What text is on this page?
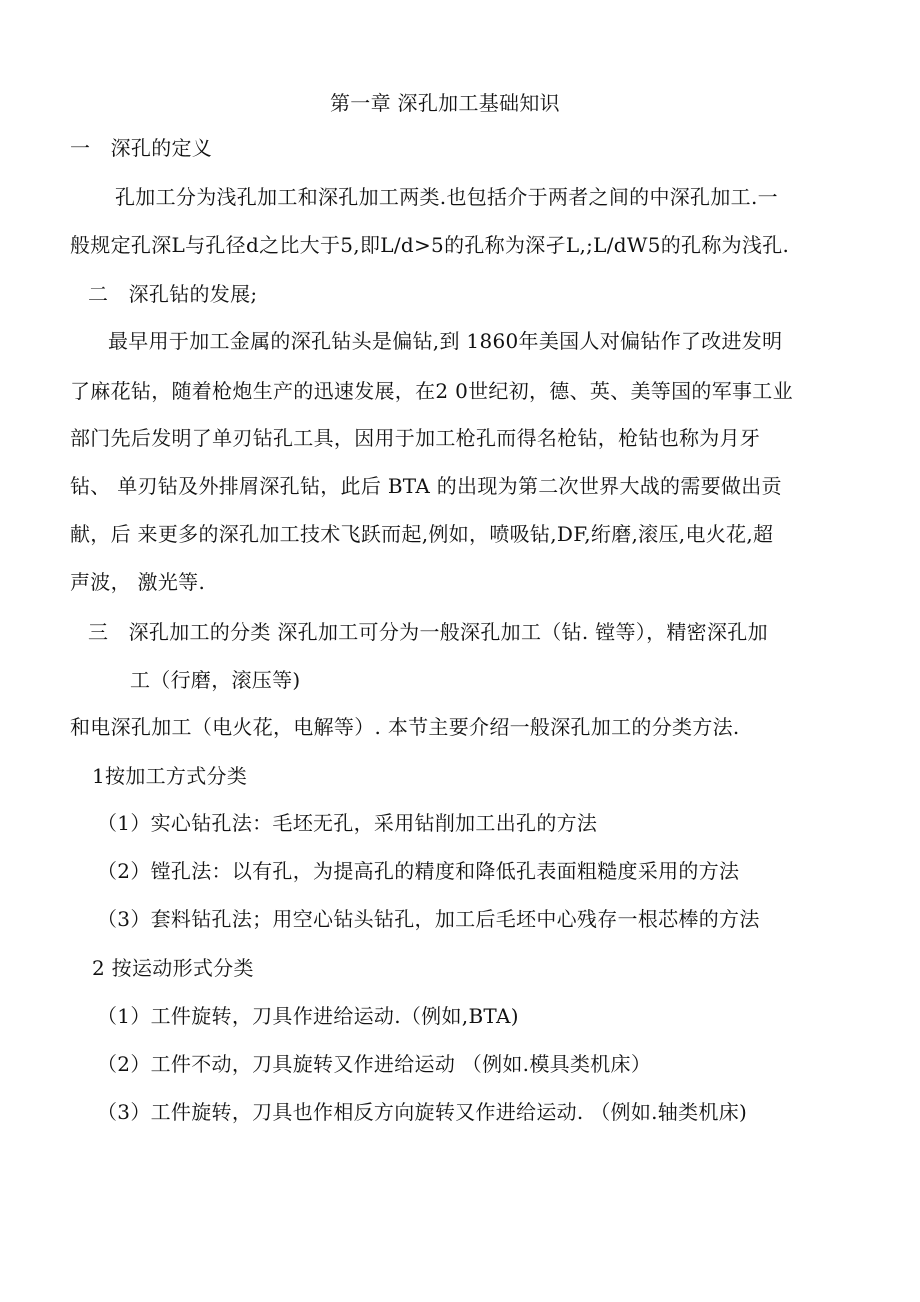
第一章 深孔加工基础知识
一　深孔的定义
孔加工分为浅孔加工和深孔加工两类.也包括介于两者之间的中深孔加工.一
般规定孔深L与孔径d之比大于5,即L/d>5的孔称为深孑L,;L/dW5的孔称为浅孔.
二　深孔钻的发展;
最早用于加工金属的深孔钻头是偏钻,到 1860年美国人对偏钻作了改进发明
了麻花钻，随着枪炮生产的迅速发展，在2 0世纪初，德、英、美等国的军事工业
部门先后发明了单刃钻孔工具，因用于加工枪孔而得名枪钻，枪钻也称为月牙
钻、 单刃钻及外排屑深孔钻，此后 BTA 的出现为第二次世界大战的需要做出贡
献，后 来更多的深孔加工技术飞跃而起,例如，喷吸钻,DF,绗磨,滚压,电火花,超
声波， 激光等.
三　深孔加工的分类 深孔加工可分为一般深孔加工（钻. 镗等），精密深孔加
工（行磨，滚压等)
和电深孔加工（电火花，电解等）. 本节主要介绍一般深孔加工的分类方法.
1按加工方式分类
（1）实心钻孔法：毛坯无孔，采用钻削加工出孔的方法
（2）镗孔法：以有孔，为提高孔的精度和降低孔表面粗糙度采用的方法
（3）套料钻孔法；用空心钻头钻孔，加工后毛坯中心残存一根芯棒的方法
2 按运动形式分类
（1）工件旋转，刀具作进给运动.（例如,BTA)
（2）工件不动，刀具旋转又作进给运动 （例如.模具类机床）
（3）工件旋转，刀具也作相反方向旋转又作进给运动. （例如.轴类机床)
